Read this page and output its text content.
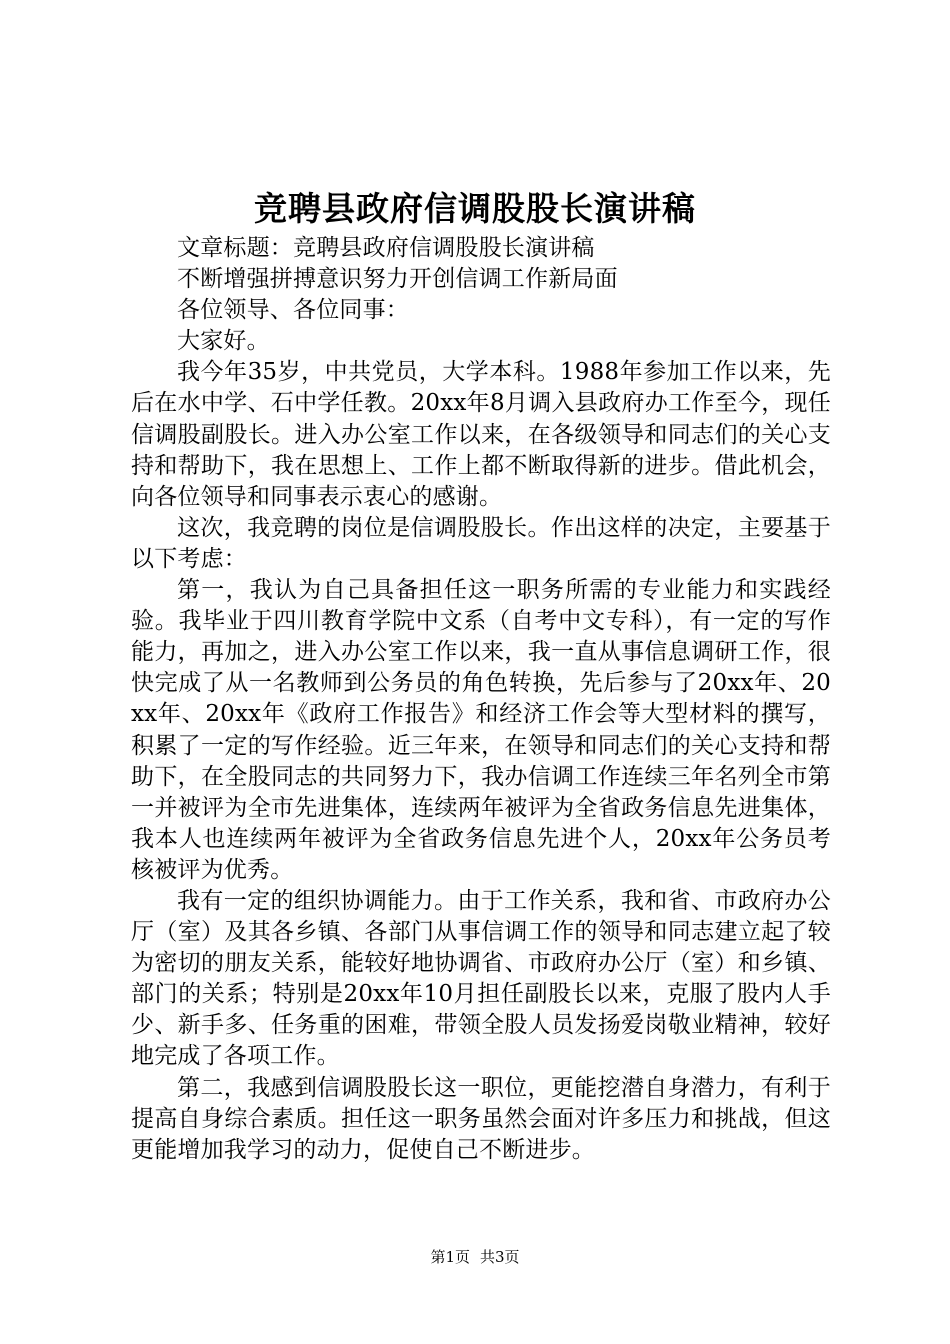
竞聘县政府信调股股长演讲稿

文章标题：竞聘县政府信调股股长演讲稿

不断增强拼搏意识努力开创信调工作新局面

各位领导、各位同事：

大家好。

我今年35岁，中共党员，大学本科。1988年参加工作以来，先后在水中学、石中学任教。20xx年8月调入县政府办工作至今，现任信调股副股长。进入办公室工作以来，在各级领导和同志们的关心支持和帮助下，我在思想上、工作上都不断取得新的进步。借此机会，向各位领导和同事表示衷心的感谢。

这次，我竞聘的岗位是信调股股长。作出这样的决定，主要基于以下考虑：

第一，我认为自己具备担任这一职务所需的专业能力和实践经验。我毕业于四川教育学院中文系（自考中文专科），有一定的写作能力，再加之，进入办公室工作以来，我一直从事信息调研工作，很快完成了从一名教师到公务员的角色转换，先后参与了20xx年、20xx年、20xx年《政府工作报告》和经济工作会等大型材料的撰写，积累了一定的写作经验。近三年来，在领导和同志们的关心支持和帮助下，在全股同志的共同努力下，我办信调工作连续三年名列全市第一并被评为全市先进集体，连续两年被评为全省政务信息先进集体，我本人也连续两年被评为全省政务信息先进个人，20xx年公务员考核被评为优秀。

我有一定的组织协调能力。由于工作关系，我和省、市政府办公厅（室）及其各乡镇、各部门从事信调工作的领导和同志建立起了较为密切的朋友关系，能较好地协调省、市政府办公厅（室）和乡镇、部门的关系；特别是20xx年10月担任副股长以来，克服了股内人手少、新手多、任务重的困难，带领全股人员发扬爱岗敬业精神，较好地完成了各项工作。

第二，我感到信调股股长这一职位，更能挖潜自身潜力，有利于提高自身综合素质。担任这一职务虽然会面对许多压力和挑战，但这更能增加我学习的动力，促使自己不断进步。

第1页 共3页
